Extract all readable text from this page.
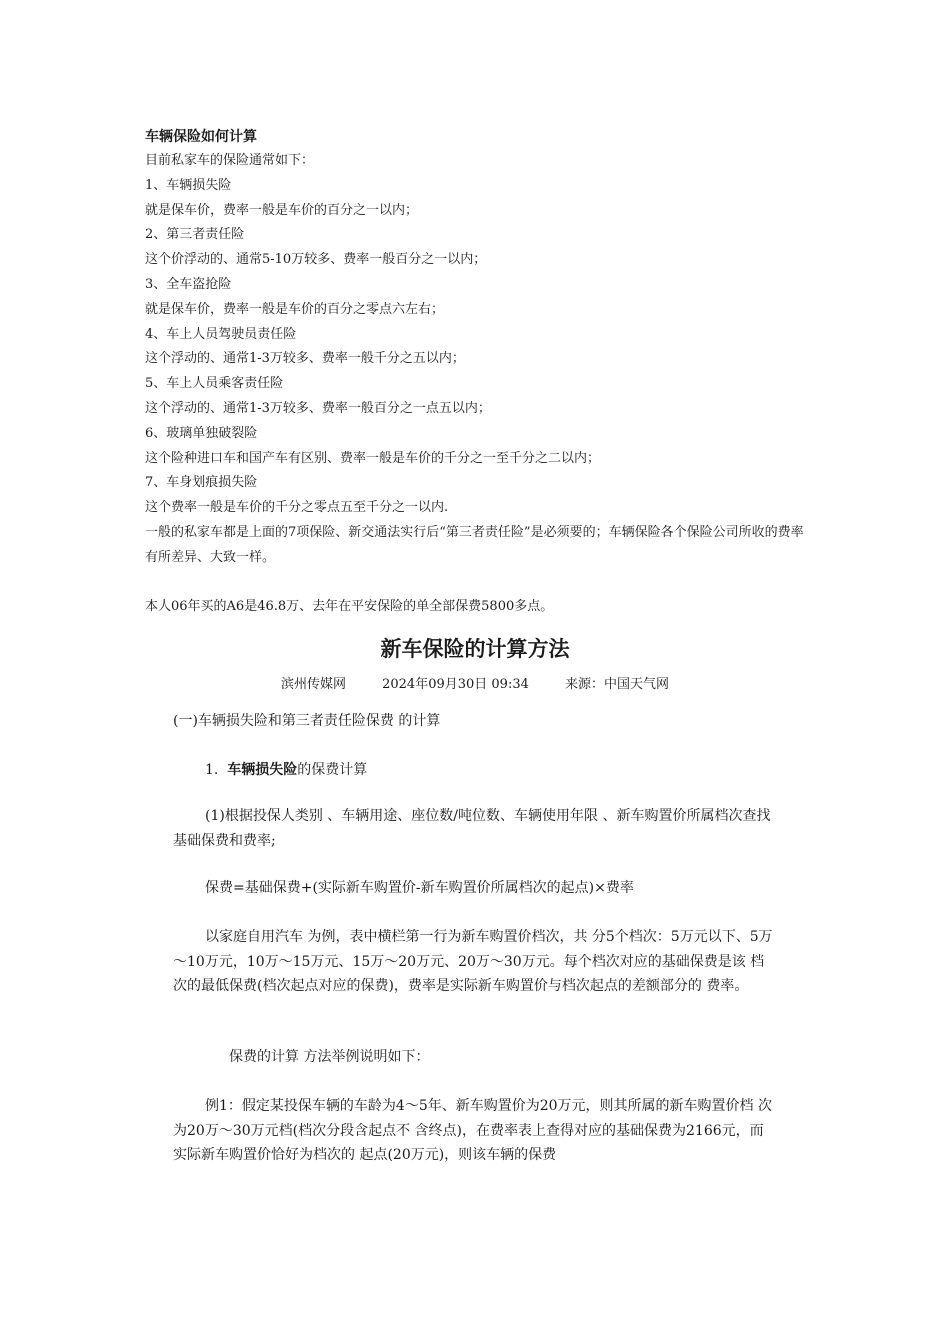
车辆保险如何计算
目前私家车的保险通常如下：
1、车辆损失险
就是保车价，费率一般是车价的百分之一以内；
2、第三者责任险
这个价浮动的、通常5-10万较多、费率一般百分之一以内；
3、全车盗抢险
就是保车价，费率一般是车价的百分之零点六左右；
4、车上人员驾驶员责任险
这个浮动的、通常1-3万较多、费率一般千分之五以内；
5、车上人员乘客责任险
这个浮动的、通常1-3万较多、费率一般百分之一点五以内；
6、玻璃单独破裂险
这个险种进口车和国产车有区别、费率一般是车价的千分之一至千分之二以内；
7、车身划痕损失险
这个费率一般是车价的千分之零点五至千分之一以内.
一般的私家车都是上面的7项保险、新交通法实行后“第三者责任险”是必须要的；车辆保险各个保险公司所收的费率有所差异、大致一样。
本人06年买的A6是46.8万、去年在平安保险的单全部保费5800多点。
新车保险的计算方法
滨州传媒网	2024年09月30日 09:34	来源：中国天气网
(一)车辆损失险和第三者责任险保费 的计算
1. 车辆损失险的保费计算
(1)根据投保人类别 、车辆用途、座位数/吨位数、车辆使用年限 、新车购置价所属档次查找基础保费和费率;
保费=基础保费+(实际新车购置价-新车购置价所属档次的起点)×费率
以家庭自用汽车 为例，表中横栏第一行为新车购置价档次，共 分5个档次：5万元以下、5万～10万元，10万～15万元、15万～20万元、20万～30万元。每个档次对应的基础保费是该 档次的最低保费(档次起点对应的保费)，费率是实际新车购置价与档次起点的差额部分的 费率。
保费的计算 方法举例说明如下：
例1：假定某投保车辆的车龄为4～5年、新车购置价为20万元，则其所属的新车购置价档 次为20万～30万元档(档次分段含起点不 含终点)，在费率表上查得对应的基础保费为2166元，而实际新车购置价恰好为档次的 起点(20万元)，则该车辆的保费
